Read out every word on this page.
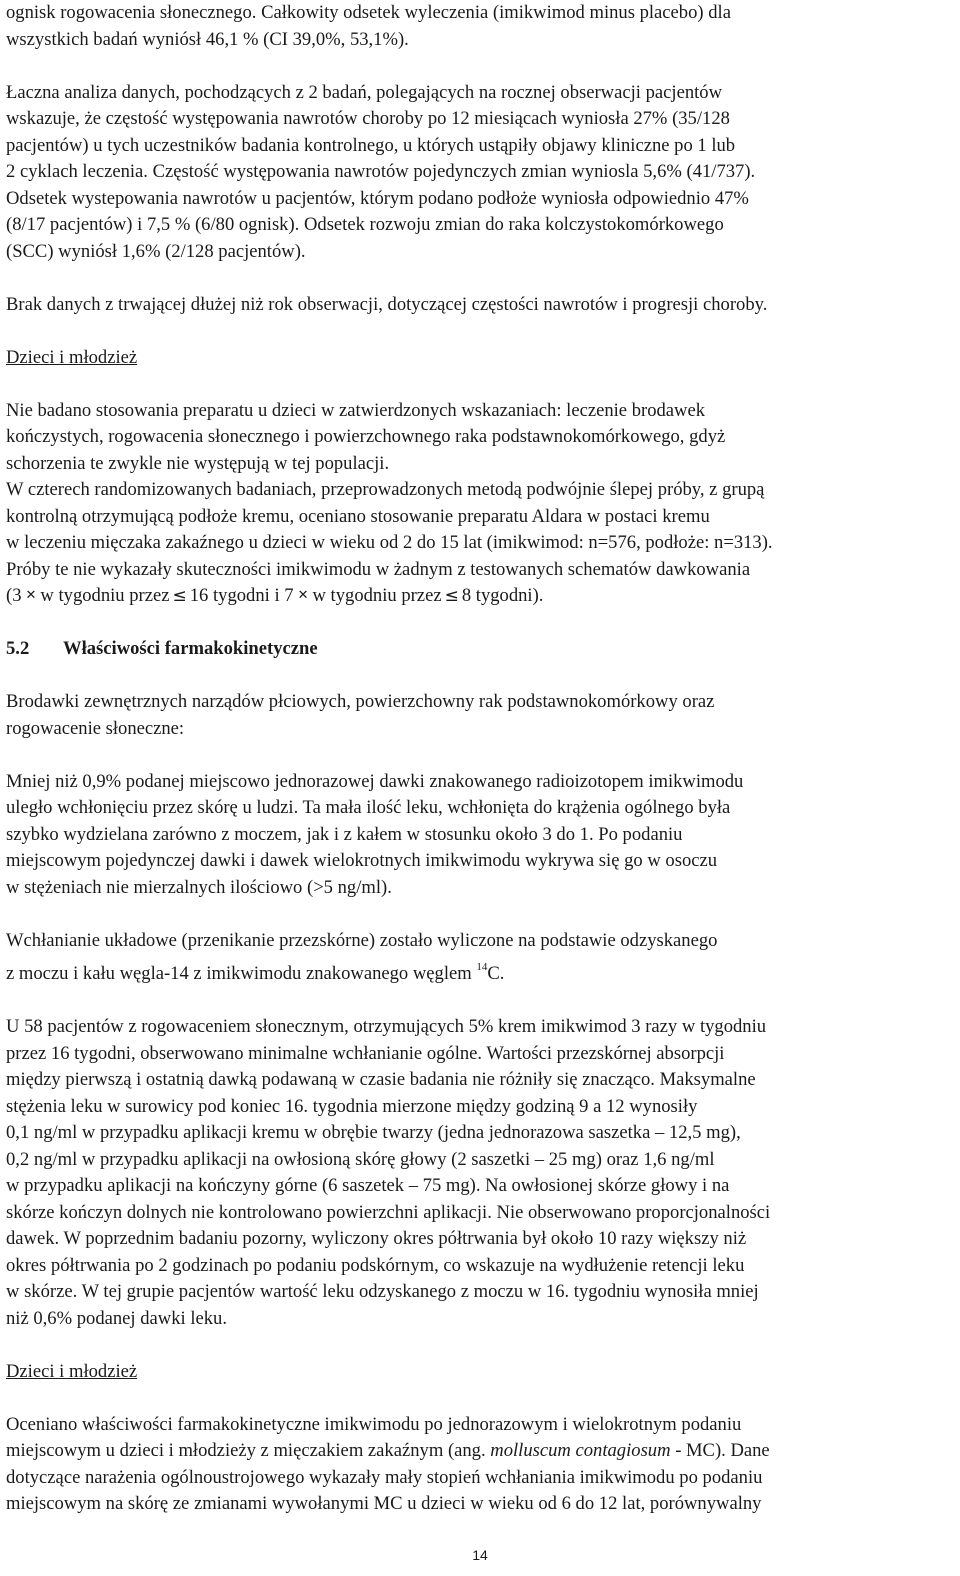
ognisk rogowacenia słonecznego. Całkowity odsetek wyleczenia (imikwimod minus placebo) dla
wszystkich badań wyniósł 46,1 % (CI 39,0%, 53,1%).

Łaczna analiza danych, pochodzących z 2 badań, polegających na rocznej obserwacji pacjentów
wskazuje, że częstość występowania nawrotów choroby po 12 miesiącach wyniosła 27% (35/128
pacjentów) u tych uczestników badania kontrolnego, u których ustąpiły objawy kliniczne po 1 lub
2 cyklach leczenia. Częstość występowania nawrotów pojedynczych zmian wyniosla 5,6% (41/737).
Odsetek wystepowania nawrotów u pacjentów, którym podano podłoże wyniosła odpowiednio 47%
(8/17 pacjentów) i 7,5 % (6/80 ognisk). Odsetek rozwoju zmian do raka kolczystokomórkowego
(SCC) wyniósł 1,6% (2/128 pacjentów).

Brak danych z trwającej dłużej niż rok obserwacji, dotyczącej częstości nawrotów i progresji choroby.

Dzieci i młodzież

Nie badano stosowania preparatu u dzieci w zatwierdzonych wskazaniach: leczenie brodawek
kończystych, rogowacenia słonecznego i powierzchownego raka podstawnokomórkowego, gdyż
schorzenia te zwykle nie występują w tej populacji.
W czterech randomizowanych badaniach, przeprowadzonych metodą podwójnie ślepej próby, z grupą
kontrolną otrzymującą podłoże kremu, oceniano stosowanie preparatu Aldara w postaci kremu
w leczeniu mięczaka zakaźnego u dzieci w wieku od 2 do 15 lat (imikwimod: n=576, podłoże: n=313).
Próby te nie wykazały skuteczności imikwimodu w żadnym z testowanych schematów dawkowania
(3 ✕ w tygodniu przez ≤ 16 tygodni i 7 ✕ w tygodniu przez ≤ 8 tygodni).

5.2 Właściwości farmakokinetyczne

Brodawki zewnętrznych narządów płciowych, powierzchowny rak podstawnokomórkowy oraz
rogowacenie słoneczne:

Mniej niż 0,9% podanej miejscowo jednorazowej dawki znakowanego radioizotopem imikwimodu
uległo wchłonięciu przez skórę u ludzi. Ta mała ilość leku, wchłonięta do krążenia ogólnego była
szybko wydzielana zarówno z moczem, jak i z kałem w stosunku około 3 do 1. Po podaniu
miejscowym pojedynczej dawki i dawek wielokrotnych imikwimodu wykrywa się go w osoczu
w stężeniach nie mierzalnych ilościowo (>5 ng/ml).

Wchłanianie układowe (przenikanie przezskórne) zostało wyliczone na podstawie odzyskanego
z moczu i kału węgla-14 z imikwimodu znakowanego węglem $^{14}$C.

U 58 pacjentów z rogowaceniem słonecznym, otrzymujących 5% krem imikwimod 3 razy w tygodniu
przez 16 tygodni, obserwowano minimalne wchłanianie ogólne. Wartości przezskórnej absorpcji
między pierwszą i ostatnią dawką podawaną w czasie badania nie różniły się znacząco. Maksymalne
stężenia leku w surowicy pod koniec 16. tygodnia mierzone między godziną 9 a 12 wynosiły
0,1 ng/ml w przypadku aplikacji kremu w obrębie twarzy (jedna jednorazowa saszetka – 12,5 mg),
0,2 ng/ml w przypadku aplikacji na owłosioną skórę głowy (2 saszetki – 25 mg) oraz 1,6 ng/ml
w przypadku aplikacji na kończyny górne (6 saszetek – 75 mg). Na owłosionej skórze głowy i na
skórze kończyn dolnych nie kontrolowano powierzchni aplikacji. Nie obserwowano proporcjonalności
dawek. W poprzednim badaniu pozorny, wyliczony okres półtrwania był około 10 razy większy niż
okres półtrwania po 2 godzinach po podaniu podskórnym, co wskazuje na wydłużenie retencji leku
w skórze. W tej grupie pacjentów wartość leku odzyskanego z moczu w 16. tygodniu wynosiła mniej
niż 0,6% podanej dawki leku.

Dzieci i młodzież

Oceniano właściwości farmakokinetyczne imikwimodu po jednorazowym i wielokrotnym podaniu
miejscowym u dzieci i młodzieży z mięczakiem zakaźnym (ang. molluscum contagiosum - MC). Dane
dotyczące narażenia ogólnoustrojowego wykazały mały stopień wchłaniania imikwimodu po podaniu
miejscowym na skórę ze zmianami wywołanymi MC u dzieci w wieku od 6 do 12 lat, porównywalny

14
